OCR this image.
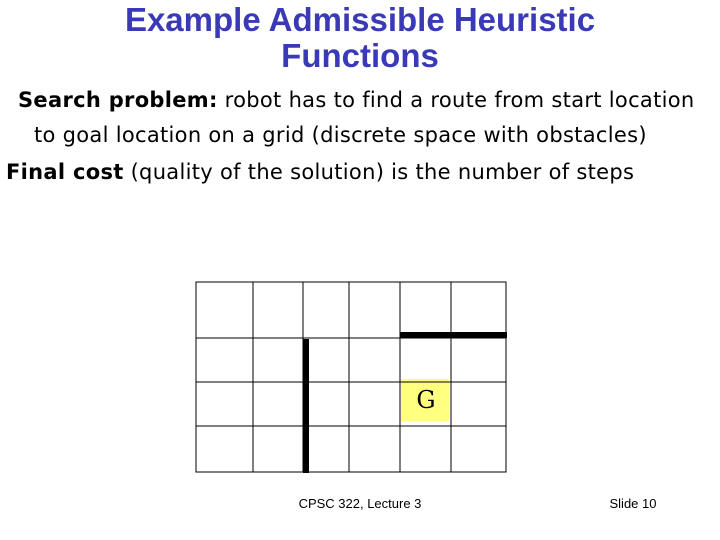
Example Admissible Heuristic
Functions
Search problem: robot has to find a route from start location
to goal location on a grid (discrete space with obstacles)
Final cost (quality of the solution) is the number of steps
G
CPSC 322, Lecture 3	Slide 10
